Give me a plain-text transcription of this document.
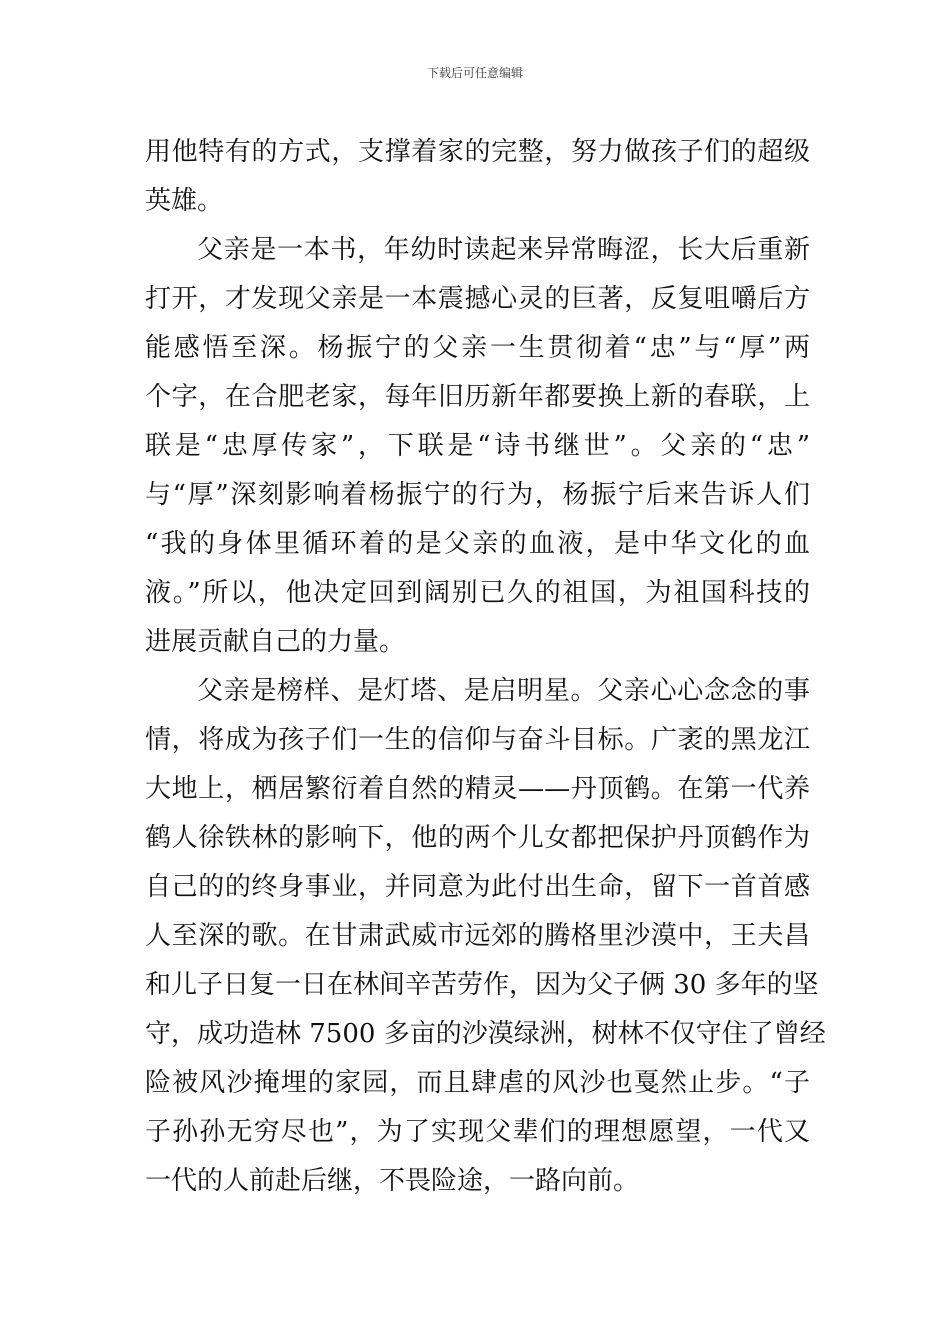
下载后可任意编辑
用他特有的方式，支撑着家的完整，努力做孩子们的超级
英雄。
父亲是一本书，年幼时读起来异常晦涩，长大后重新
打开，才发现父亲是一本震撼心灵的巨著，反复咀嚼后方
能感悟至深。杨振宁的父亲一生贯彻着“忠”与“厚”两
个字，在合肥老家，每年旧历新年都要换上新的春联，上
联是“忠厚传家”，下联是“诗书继世”。父亲的“忠”
与“厚”深刻影响着杨振宁的行为，杨振宁后来告诉人们
“我的身体里循环着的是父亲的血液，是中华文化的血
液。”所以，他决定回到阔别已久的祖国，为祖国科技的
进展贡献自己的力量。
父亲是榜样、是灯塔、是启明星。父亲心心念念的事
情，将成为孩子们一生的信仰与奋斗目标。广袤的黑龙江
大地上，栖居繁衍着自然的精灵——丹顶鹤。在第一代养
鹤人徐铁林的影响下，他的两个儿女都把保护丹顶鹤作为
自己的的终身事业，并同意为此付出生命，留下一首首感
人至深的歌。在甘肃武威市远郊的腾格里沙漠中，王夫昌
和儿子日复一日在林间辛苦劳作，因为父子俩 30 多年的坚
守，成功造林 7500 多亩的沙漠绿洲，树林不仅守住了曾经
险被风沙掩埋的家园，而且肆虐的风沙也戛然止步。“子
子孙孙无穷尽也”，为了实现父辈们的理想愿望，一代又
一代的人前赴后继，不畏险途，一路向前。
